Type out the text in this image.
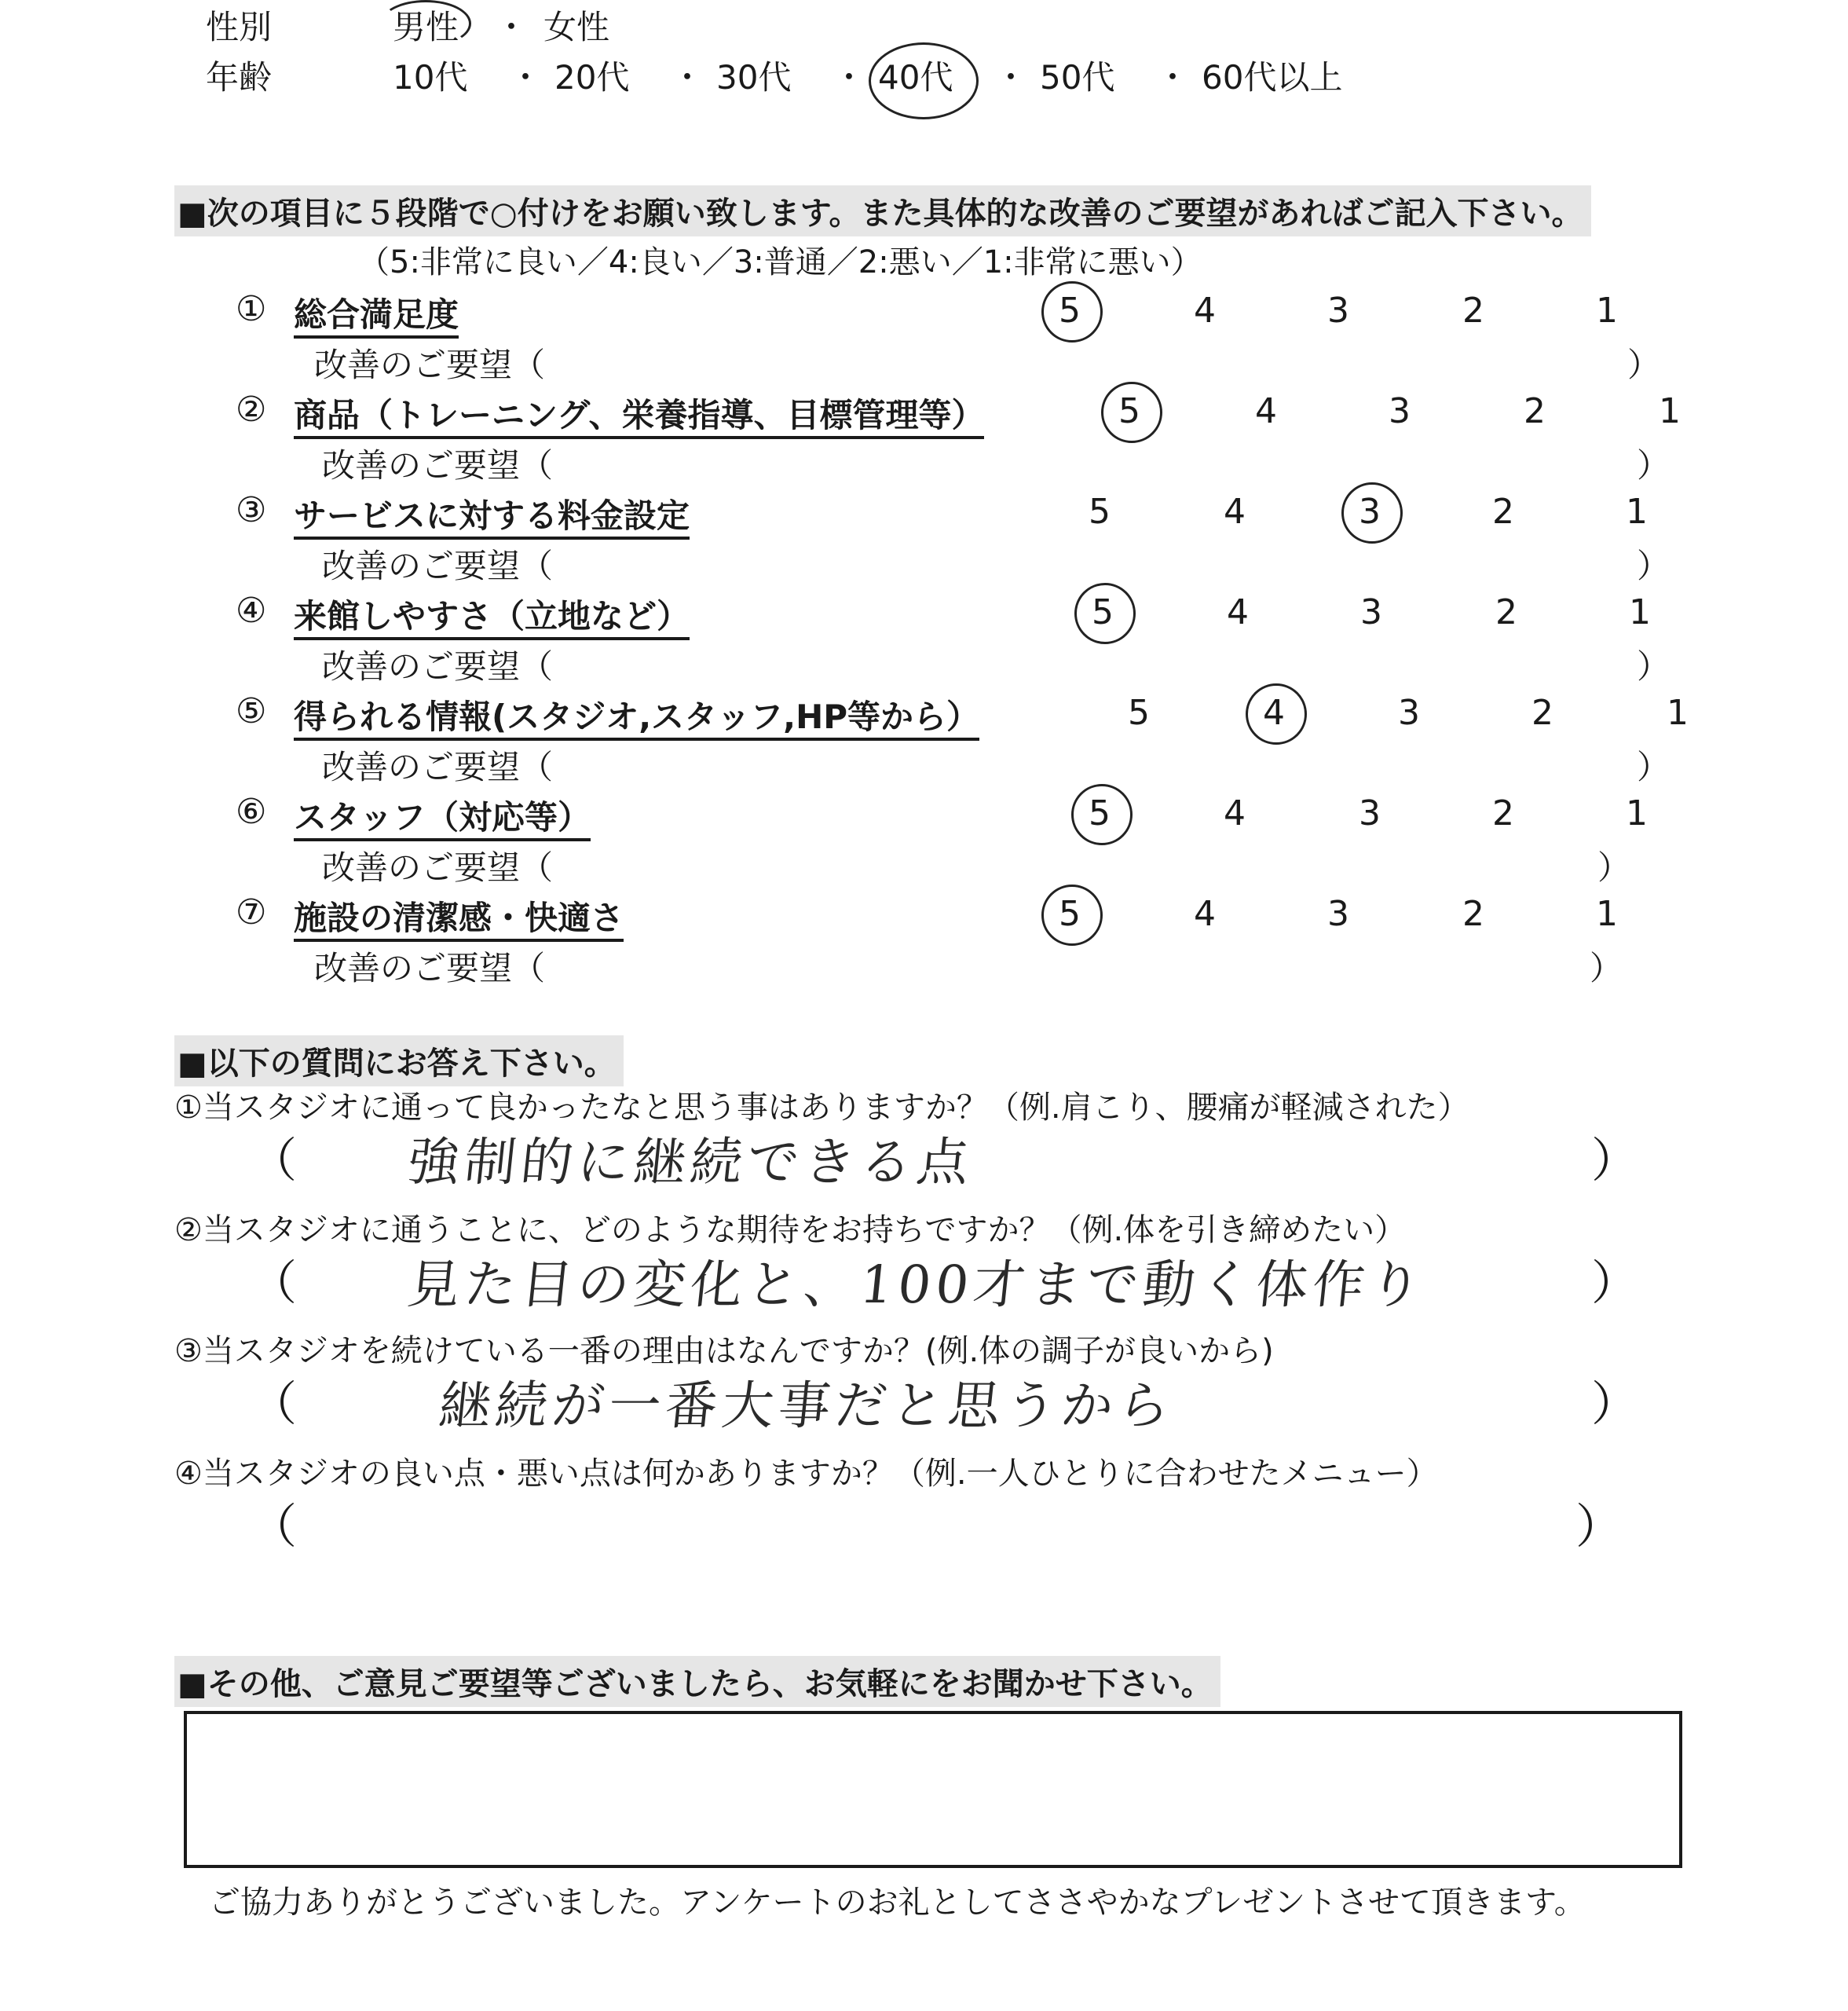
性別	男性 ・ 女性
年齢	10代 ・ 20代 ・ 30代 ・ 40代 ・ 50代 ・ 60代以上
■次の項目に５段階で○付けをお願い致します。また具体的な改善のご要望があればご記入下さい。
（5:非常に良い／4:良い／3:普通／2:悪い／1:非常に悪い）
① 総合満足度	5	4	3	2	1
改善のご要望（	）
② 商品（トレーニング、栄養指導、目標管理等）	5	4	3	2	1
改善のご要望（	）
③ サービスに対する料金設定	5	4	3	2	1
改善のご要望（	）
④ 来館しやすさ（立地など）	5	4	3	2	1
改善のご要望（	）
⑤ 得られる情報(スタジオ,スタッフ,HP等から）	5	4	3	2	1
改善のご要望（	）
⑥ スタッフ（対応等）	5	4	3	2	1
改善のご要望（	）
⑦ 施設の清潔感・快適さ	5	4	3	2	1
改善のご要望（	）
■以下の質問にお答え下さい。
①当スタジオに通って良かったなと思う事はありますか？（例.肩こり、腰痛が軽減された）
（ 強制的に継続できる点	）
②当スタジオに通うことに、どのような期待をお持ちですか？（例.体を引き締めたい）
（ 見た目の変化と、100才まで動く体作り	）
③当スタジオを続けている一番の理由はなんですか？(例.体の調子が良いから)
（	継続が一番大事だと思うから	）
④当スタジオの良い点・悪い点は何かありますか？（例.一人ひとりに合わせたメニュー）
（	）
■その他、ご意見ご要望等ございましたら、お気軽にをお聞かせ下さい。
ご協力ありがとうございました。アンケートのお礼としてささやかなプレゼントさせて頂きます。
